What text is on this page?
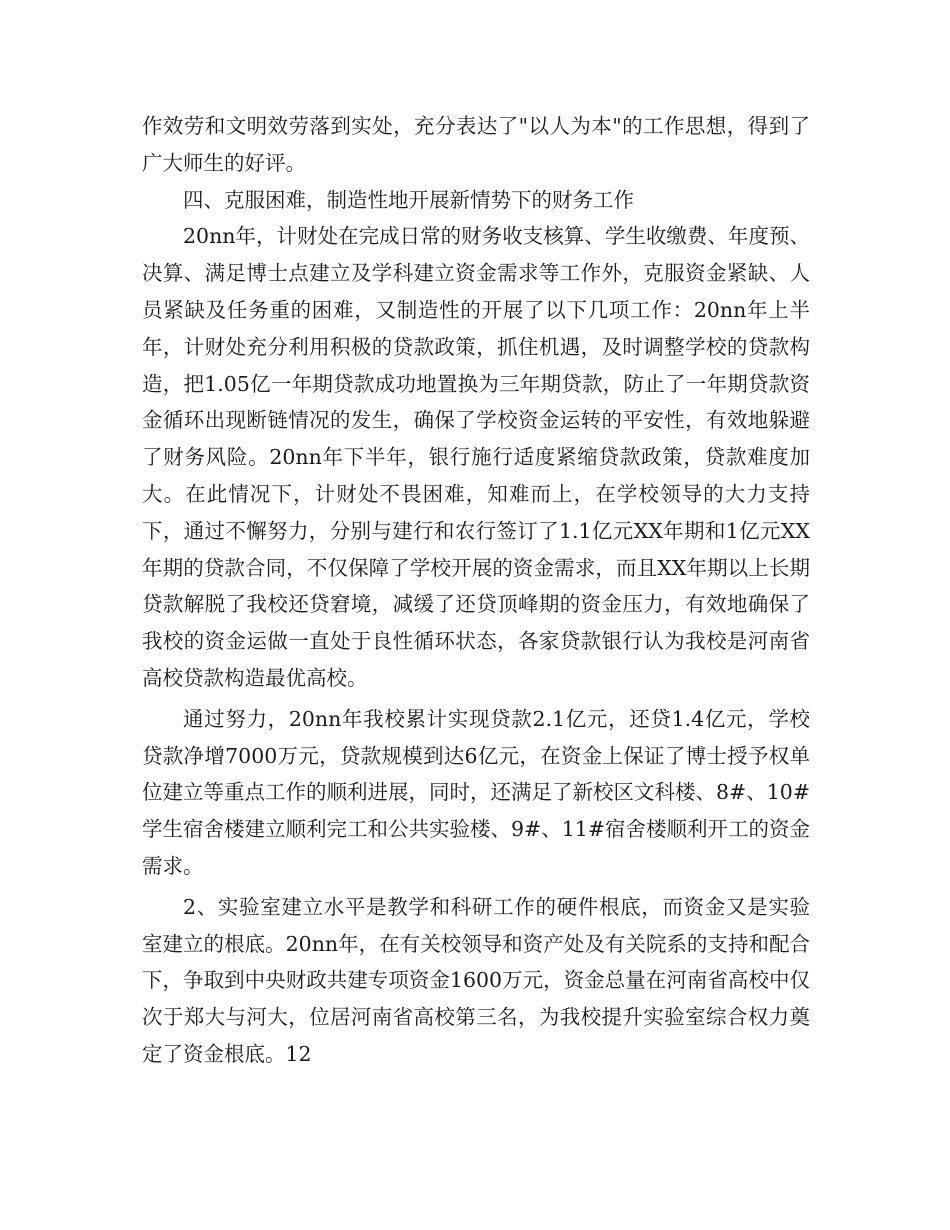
作效劳和文明效劳落到实处，充分表达了"以人为本"的工作思想，得到了广大师生的好评。

四、克服困难，制造性地开展新情势下的财务工作

20nn年，计财处在完成日常的财务收支核算、学生收缴费、年度预、决算、满足博士点建立及学科建立资金需求等工作外，克服资金紧缺、人员紧缺及任务重的困难，又制造性的开展了以下几项工作：20nn年上半年，计财处充分利用积极的贷款政策，抓住机遇，及时调整学校的贷款构造，把1.05亿一年期贷款成功地置换为三年期贷款，防止了一年期贷款资金循环出现断链情况的发生，确保了学校资金运转的平安性，有效地躲避了财务风险。20nn年下半年，银行施行适度紧缩贷款政策，贷款难度加大。在此情况下，计财处不畏困难，知难而上，在学校领导的大力支持下，通过不懈努力，分别与建行和农行签订了1.1亿元XX年期和1亿元XX年期的贷款合同，不仅保障了学校开展的资金需求，而且XX年期以上长期贷款解脱了我校还贷窘境，减缓了还贷顶峰期的资金压力，有效地确保了我校的资金运做一直处于良性循环状态，各家贷款银行认为我校是河南省高校贷款构造最优高校。

通过努力，20nn年我校累计实现贷款2.1亿元，还贷1.4亿元，学校贷款净增7000万元，贷款规模到达6亿元，在资金上保证了博士授予权单位建立等重点工作的顺利进展，同时，还满足了新校区文科楼、8#、10#学生宿舍楼建立顺利完工和公共实验楼、9#、11#宿舍楼顺利开工的资金需求。

2、实验室建立水平是教学和科研工作的硬件根底，而资金又是实验室建立的根底。20nn年，在有关校领导和资产处及有关院系的支持和配合下，争取到中央财政共建专项资金1600万元，资金总量在河南省高校中仅次于郑大与河大，位居河南省高校第三名，为我校提升实验室综合权力奠定了资金根底。12
